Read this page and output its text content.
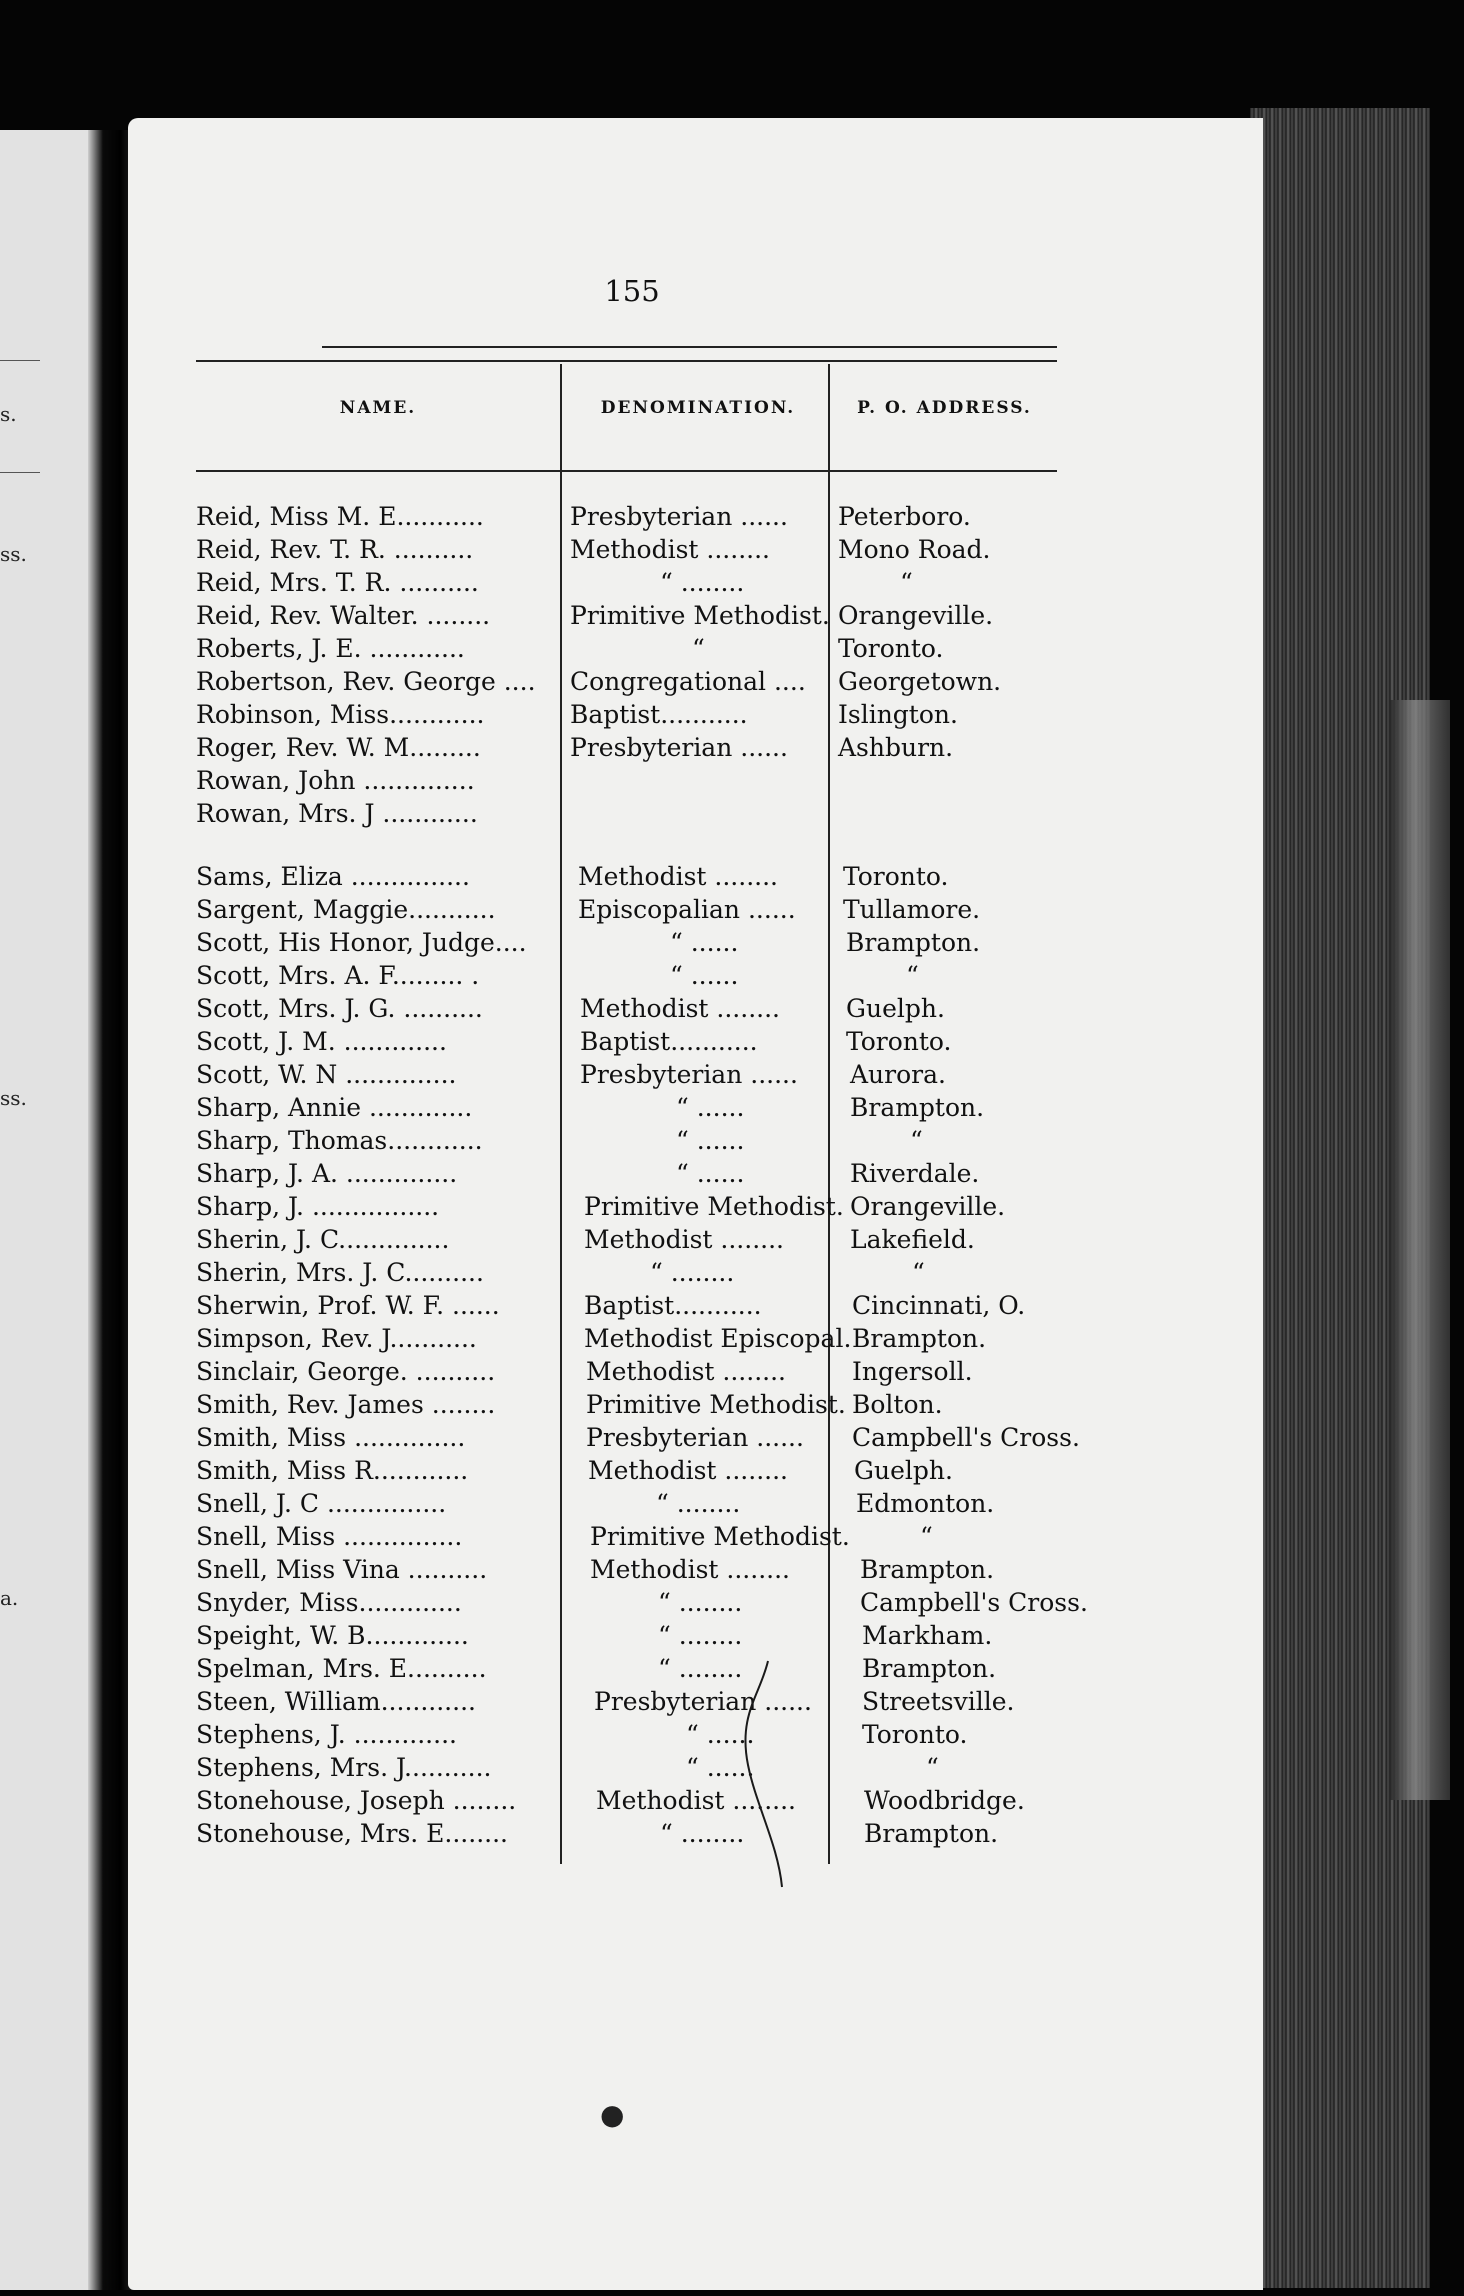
s.
ss.
ss.
a.
155
NAME.	DENOMINATION.	P. O. ADDRESS.
Reid, Miss M. E...........	Presbyterian ...... Peterboro.
Reid, Rev. T. R. ..........	Methodist ........	Mono Road.
Reid, Mrs. T. R. ..........	“ ........	“
Reid, Rev. Walter. ........	Primitive Methodist. Orangeville.
Roberts, J. E. ............	“	Toronto.
Robertson, Rev. George .... Congregational .... Georgetown.
Robinson, Miss............	Baptist...........	Islington.
Roger, Rev. W. M.........	Presbyterian ...... Ashburn.
Rowan, John ..............
Rowan, Mrs. J ............
Sams, Eliza ...............	Methodist ........	Toronto.
Sargent, Maggie...........	Episcopalian ...... Tullamore.
Scott, His Honor, Judge....	“ ......	Brampton.
Scott, Mrs. A. F......... .	“ ......	“
Scott, Mrs. J. G. ..........	Methodist ........	Guelph.
Scott, J. M. .............	Baptist...........	Toronto.
Scott, W. N ..............	Presbyterian ...... Aurora.
Sharp, Annie .............	“ ......	Brampton.
Sharp, Thomas............	“ ......	“
Sharp, J. A. ..............	“ ......	Riverdale.
Sharp, J. ................	Primitive Methodist. Orangeville.
Sherin, J. C..............	Methodist ........	Lakefield.
Sherin, Mrs. J. C..........	“ ........	“
Sherwin, Prof. W. F. ......	Baptist...........	Cincinnati, O.
Simpson, Rev. J...........	Methodist Episcopal. Brampton.
Sinclair, George. ..........	Methodist ........	Ingersoll.
Smith, Rev. James ........	Primitive Methodist. Bolton.
Smith, Miss ..............	Presbyterian ...... Campbell's Cross.
Smith, Miss R............	Methodist ........	Guelph.
Snell, J. C ...............	“ ........	Edmonton.
Snell, Miss ...............	Primitive Methodist.	“
Snell, Miss Vina ..........	Methodist ........	Brampton.
Snyder, Miss.............	“ ........	Campbell's Cross.
Speight, W. B.............	“ ........	Markham.
Spelman, Mrs. E..........	“ ........	Brampton.
Steen, William............	Presbyterian ...... Streetsville.
Stephens, J. .............	“ ......	Toronto.
Stephens, Mrs. J...........	“ ......	“
Stonehouse, Joseph ........	Methodist ........	Woodbridge.
Stonehouse, Mrs. E........	“ ........	Brampton.
●
